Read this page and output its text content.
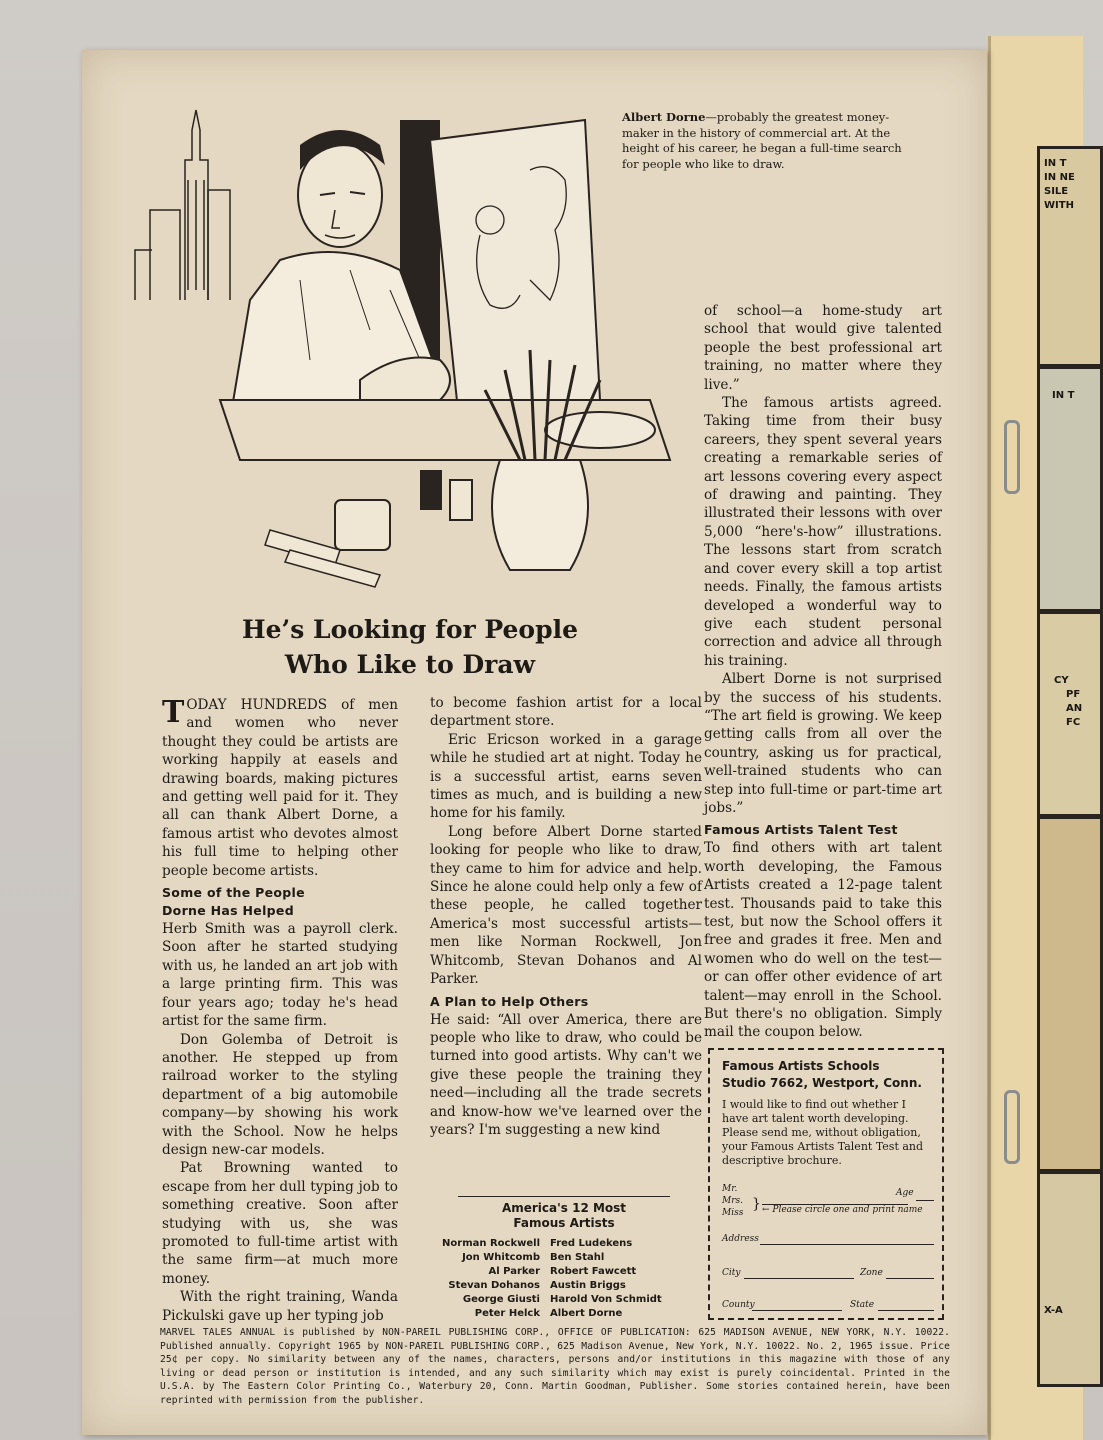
IN T
IN NE
SILE
WITH
IN T
CY
PF
AN
FC
X-A
Albert Dorne—probably the greatest money-maker in the history of commercial art. At the height of his career, he began a full-time search for people who like to draw.
He’s Looking for People
Who Like to Draw

TODAY HUNDREDS of men and women who never thought they could be artists are working happily at easels and drawing boards, making pictures and getting well paid for it. They all can thank Albert Dorne, a famous artist who devotes almost his full time to helping other people become artists.

Some of the People
Dorne Has Helped

Herb Smith was a payroll clerk. Soon after he started studying with us, he landed an art job with a large printing firm. This was four years ago; today he's head artist for the same firm.

Don Golemba of Detroit is another. He stepped up from railroad worker to the styling department of a big automobile company—by showing his work with the School. Now he helps design new-car models.

Pat Browning wanted to escape from her dull typing job to something creative. Soon after studying with us, she was promoted to full-time artist with the same firm—at much more money.

With the right training, Wanda Pickulski gave up her typing job

to become fashion artist for a local department store.

Eric Ericson worked in a garage while he studied art at night. Today he is a successful artist, earns seven times as much, and is building a new home for his family.

Long before Albert Dorne started looking for people who like to draw, they came to him for advice and help. Since he alone could help only a few of these people, he called together America's most successful artists—men like Norman Rockwell, Jon Whitcomb, Stevan Dohanos and Al Parker.

A Plan to Help Others

He said: “All over America, there are people who like to draw, who could be turned into good artists. Why can't we give these people the training they need—including all the trade secrets and know-how we've learned over the years? I'm suggesting a new kind

of school—a home-study art school that would give talented people the best professional art training, no matter where they live.”

The famous artists agreed. Taking time from their busy careers, they spent several years creating a remarkable series of art lessons covering every aspect of drawing and painting. They illustrated their lessons with over 5,000 “here's-how” illustrations. The lessons start from scratch and cover every skill a top artist needs. Finally, the famous artists developed a wonderful way to give each student personal correction and advice all through his training.

Albert Dorne is not surprised by the success of his students. “The art field is growing. We keep getting calls from all over the country, asking us for practical, well-trained students who can step into full-time or part-time art jobs.”

Famous Artists Talent Test

To find others with art talent worth developing, the Famous Artists created a 12-page talent test. Thousands paid to take this test, but now the School offers it free and grades it free. Men and women who do well on the test—or can offer other evidence of art talent—may enroll in the School. But there's no obligation. Simply mail the coupon below.

America's 12 Most
Famous Artists
Norman Rockwell	Fred Ludekens
Jon Whitcomb	Ben Stahl
Al Parker	Robert Fawcett
Stevan Dohanos	Austin Briggs
George Giusti	Harold Von Schmidt
Peter Helck	Albert Dorne
Famous Artists Schools
Studio 7662, Westport, Conn.
I would like to find out whether I have art talent worth developing. Please send me, without obligation, your Famous Artists Talent Test and descriptive brochure.
Mr.
Mrs.
Miss
} ← Please circle one and print name
Age
Address
City	Zone
County	State
MARVEL TALES ANNUAL is published by NON-PAREIL PUBLISHING CORP., OFFICE OF PUBLICATION: 625 MADISON AVENUE, NEW YORK, N.Y. 10022. Published annually. Copyright 1965 by NON-PAREIL PUBLISHING CORP., 625 Madison Avenue, New York, N.Y. 10022. No. 2, 1965 issue. Price 25¢ per copy. No similarity between any of the names, characters, persons and/or institutions in this magazine with those of any living or dead person or institution is intended, and any such similarity which may exist is purely coincidental. Printed in the U.S.A. by The Eastern Color Printing Co., Waterbury 20, Conn. Martin Goodman, Publisher. Some stories contained herein, have been reprinted with permission from the publisher.
